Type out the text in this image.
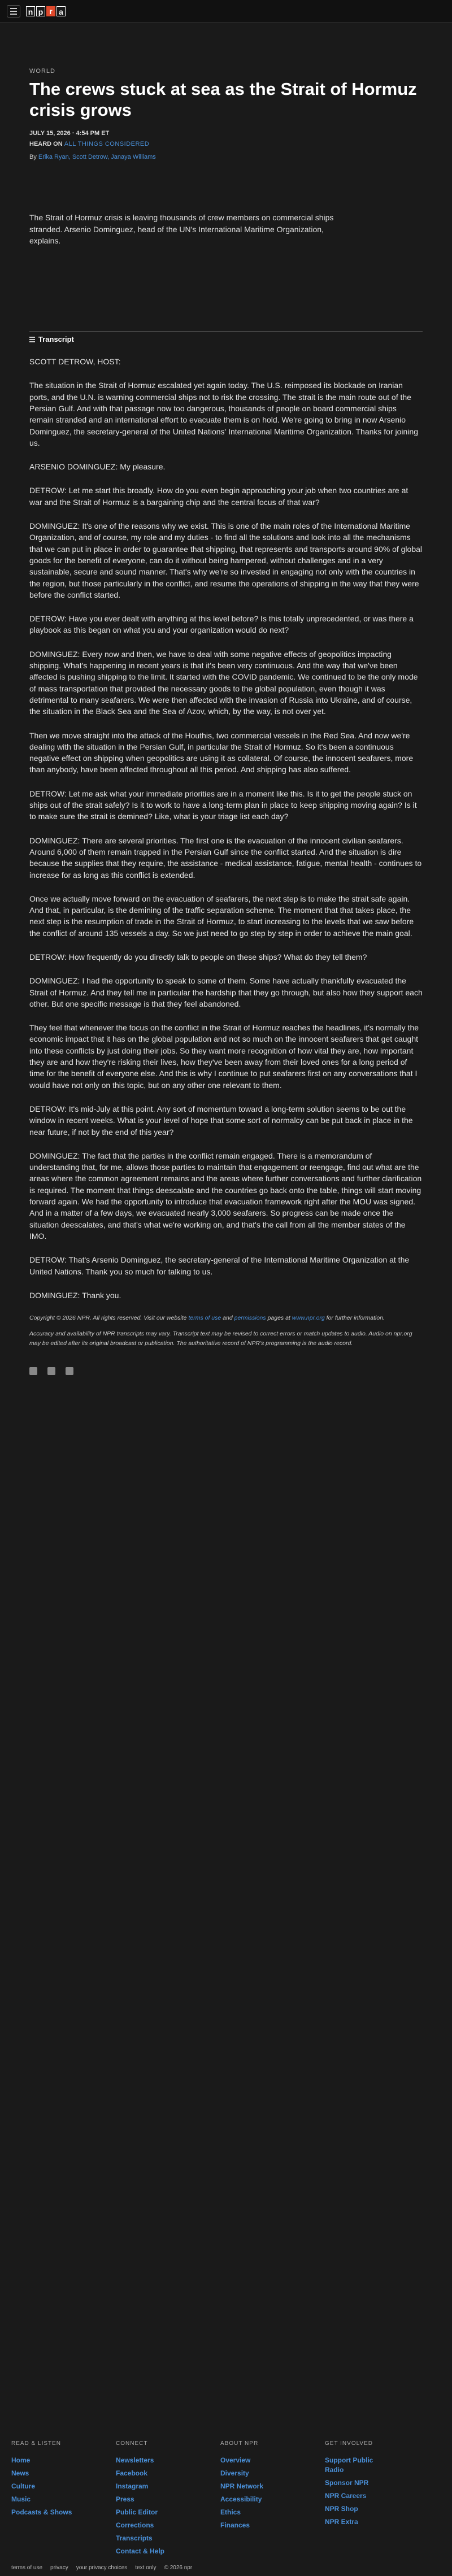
n p r a
WORLD
The crews stuck at sea as the Strait of Hormuz crisis grows
JULY 15, 2026 · 4:54 PM ET
HEARD ON ALL THINGS CONSIDERED
By Erika Ryan, Scott Detrow, Janaya Williams

The Strait of Hormuz crisis is leaving thousands of crew members on commercial ships stranded. Arsenio Dominguez, head of the UN's International Maritime Organization, explains.

Transcript

SCOTT DETROW, HOST:

The situation in the Strait of Hormuz escalated yet again today. The U.S. reimposed its blockade on Iranian ports, and the U.N. is warning commercial ships not to risk the crossing. The strait is the main route out of the Persian Gulf. And with that passage now too dangerous, thousands of people on board commercial ships remain stranded and an international effort to evacuate them is on hold. We're going to bring in now Arsenio Dominguez, the secretary-general of the United Nations' International Maritime Organization. Thanks for joining us.

ARSENIO DOMINGUEZ: My pleasure.

DETROW: Let me start this broadly. How do you even begin approaching your job when two countries are at war and the Strait of Hormuz is a bargaining chip and the central focus of that war?

DOMINGUEZ: It's one of the reasons why we exist. This is one of the main roles of the International Maritime Organization, and of course, my role and my duties - to find all the solutions and look into all the mechanisms that we can put in place in order to guarantee that shipping, that represents and transports around 90% of global goods for the benefit of everyone, can do it without being hampered, without challenges and in a very sustainable, secure and sound manner. That's why we're so invested in engaging not only with the countries in the region, but those particularly in the conflict, and resume the operations of shipping in the way that they were before the conflict started.

DETROW: Have you ever dealt with anything at this level before? Is this totally unprecedented, or was there a playbook as this began on what you and your organization would do next?

DOMINGUEZ: Every now and then, we have to deal with some negative effects of geopolitics impacting shipping. What's happening in recent years is that it's been very continuous. And the way that we've been affected is pushing shipping to the limit. It started with the COVID pandemic. We continued to be the only mode of mass transportation that provided the necessary goods to the global population, even though it was detrimental to many seafarers. We were then affected with the invasion of Russia into Ukraine, and of course, the situation in the Black Sea and the Sea of Azov, which, by the way, is not over yet.

Then we move straight into the attack of the Houthis, two commercial vessels in the Red Sea. And now we're dealing with the situation in the Persian Gulf, in particular the Strait of Hormuz. So it's been a continuous negative effect on shipping when geopolitics are using it as collateral. Of course, the innocent seafarers, more than anybody, have been affected throughout all this period. And shipping has also suffered.

DETROW: Let me ask what your immediate priorities are in a moment like this. Is it to get the people stuck on ships out of the strait safely? Is it to work to have a long-term plan in place to keep shipping moving again? Is it to make sure the strait is demined? Like, what is your triage list each day?

DOMINGUEZ: There are several priorities. The first one is the evacuation of the innocent civilian seafarers. Around 6,000 of them remain trapped in the Persian Gulf since the conflict started. And the situation is dire because the supplies that they require, the assistance - medical assistance, fatigue, mental health - continues to increase for as long as this conflict is extended.

Once we actually move forward on the evacuation of seafarers, the next step is to make the strait safe again. And that, in particular, is the demining of the traffic separation scheme. The moment that that takes place, the next step is the resumption of trade in the Strait of Hormuz, to start increasing to the levels that we saw before the conflict of around 135 vessels a day. So we just need to go step by step in order to achieve the main goal.

DETROW: How frequently do you directly talk to people on these ships? What do they tell them?

DOMINGUEZ: I had the opportunity to speak to some of them. Some have actually thankfully evacuated the Strait of Hormuz. And they tell me in particular the hardship that they go through, but also how they support each other. But one specific message is that they feel abandoned.

They feel that whenever the focus on the conflict in the Strait of Hormuz reaches the headlines, it's normally the economic impact that it has on the global population and not so much on the innocent seafarers that get caught into these conflicts by just doing their jobs. So they want more recognition of how vital they are, how important they are and how they're risking their lives, how they've been away from their loved ones for a long period of time for the benefit of everyone else. And this is why I continue to put seafarers first on any conversations that I would have not only on this topic, but on any other one relevant to them.

DETROW: It's mid-July at this point. Any sort of momentum toward a long-term solution seems to be out the window in recent weeks. What is your level of hope that some sort of normalcy can be put back in place in the near future, if not by the end of this year?

DOMINGUEZ: The fact that the parties in the conflict remain engaged. There is a memorandum of understanding that, for me, allows those parties to maintain that engagement or reengage, find out what are the areas where the common agreement remains and the areas where further conversations and further clarification is required. The moment that things deescalate and the countries go back onto the table, things will start moving forward again. We had the opportunity to introduce that evacuation framework right after the MOU was signed. And in a matter of a few days, we evacuated nearly 3,000 seafarers. So progress can be made once the situation deescalates, and that's what we're working on, and that's the call from all the member states of the IMO.

DETROW: That's Arsenio Dominguez, the secretary-general of the International Maritime Organization at the United Nations. Thank you so much for talking to us.

DOMINGUEZ: Thank you.

Copyright © 2026 NPR. All rights reserved. Visit our website terms of use and permissions pages at www.npr.org for further information.
Accuracy and availability of NPR transcripts may vary. Transcript text may be revised to correct errors or match updates to audio. Audio on npr.org may be edited after its original broadcast or publication. The authoritative record of NPR's programming is the audio record.
READ & LISTEN
Home
News
Culture
Music
Podcasts & Shows
CONNECT
Newsletters
Facebook
Instagram
Press
Public Editor
Corrections
Transcripts
Contact & Help
ABOUT NPR
Overview
Diversity
NPR Network
Accessibility
Ethics
Finances
GET INVOLVED
Support Public Radio
Sponsor NPR
NPR Careers
NPR Shop
NPR Extra
terms of use privacy your privacy choices text only © 2026 npr
